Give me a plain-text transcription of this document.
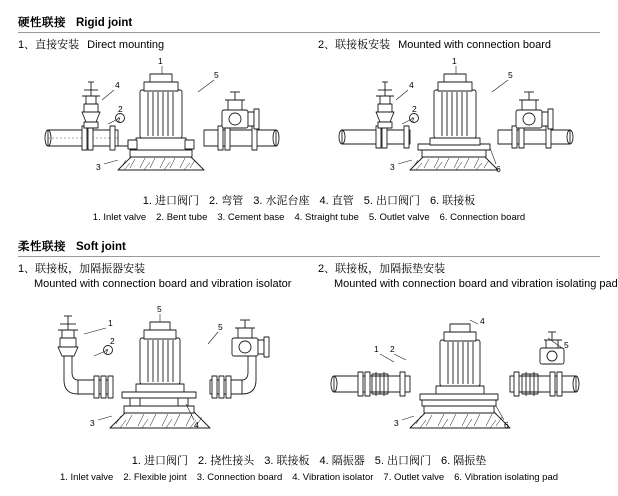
硬性联接 Rigid joint
1、直接安装 Direct mounting	2、联接板安装 Mounted with connection board
4
2
3
1
5
2
4
2
3
1
5
6
2
1. 进口阀门 2. 弯管 3. 水泥台座 4. 直管 5. 出口阀门 6. 联接板
1. Inlet valve 2. Bent tube 3. Cement base 4. Straight tube 5. Outlet valve 6. Connection board
柔性联接 Soft joint
1、联接板，加隔振器安装
Mounted with connection board and vibration isolator
2、联接板，加隔振垫安装
Mounted with connection board and vibration isolating pad
1
2
3
5
5
4
7	1 2
3
4
5
6
1. 进口阀门 2. 挠性接头 3. 联接板 4. 隔振器 5. 出口阀门 6. 隔振垫
1. Inlet valve 2. Flexible joint 3. Connection board 4. Vibration isolator 7. Outlet valve 6. Vibration isolating pad
